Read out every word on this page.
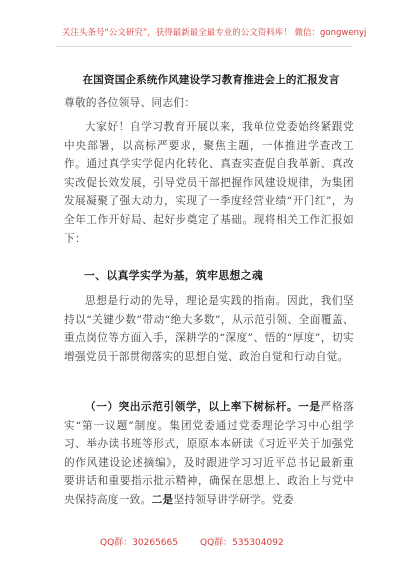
关注头条号“公文研究”，获得最新最全最专业的公文资料库！ 微信：gongwenyj
在国资国企系统作风建设学习教育推进会上的汇报发言
尊敬的各位领导、同志们：
大家好！自学习教育开展以来，我单位党委始终紧跟党中央部署，以高标严要求，聚焦主题，一体推进学查改工作。通过真学实学促内化转化、真查实查促自我革新、真改实改促长效发展，引导党员干部把握作风建设规律，为集团发展凝聚了强大动力，实现了一季度经营业绩“开门红”，为全年工作开好局、起好步奠定了基础。现将相关工作汇报如下：
一、以真学实学为基，筑牢思想之魂
思想是行动的先导，理论是实践的指南。因此，我们坚持以“关键少数”带动“绝大多数”，从示范引领、全面覆盖、重点岗位等方面入手，深耕学的“深度”、悟的“厚度”，切实增强党员干部贯彻落实的思想自觉、政治自觉和行动自觉。
（一）突出示范引领学，以上率下树标杆。一是严格落实“第一议题”制度。集团党委通过党委理论学习中心组学习、举办读书班等形式，原原本本研读《习近平关于加强党的作风建设论述摘编》，及时跟进学习习近平总书记最新重要讲话和重要指示批示精神，确保在思想上、政治上与党中央保持高度一致。二是坚持领导讲学研学。党委
QQ群：30265665 QQ群：535304092
